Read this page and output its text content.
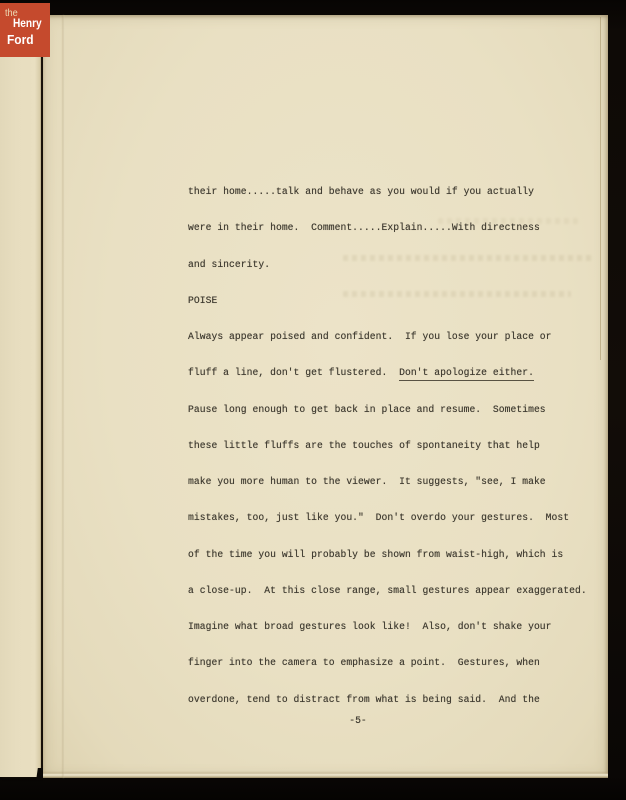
their home.....talk and behave as you would if you actually
were in their home.  Comment.....Explain.....With directness
and sincerity.
POISE
Always appear poised and confident.  If you lose your place or
fluff a line, don't get flustered.  Don't apologize either.
Pause long enough to get back in place and resume.  Sometimes
these little fluffs are the touches of spontaneity that help
make you more human to the viewer.  It suggests, "see, I make
mistakes, too, just like you."  Don't overdo your gestures.  Most
of the time you will probably be shown from waist-high, which is
a close-up.  At this close range, small gestures appear exaggerated.
Imagine what broad gestures look like!  Also, don't shake your
finger into the camera to emphasize a point.  Gestures, when
overdone, tend to distract from what is being said.  And the
-5-
the
Henry
Ford
